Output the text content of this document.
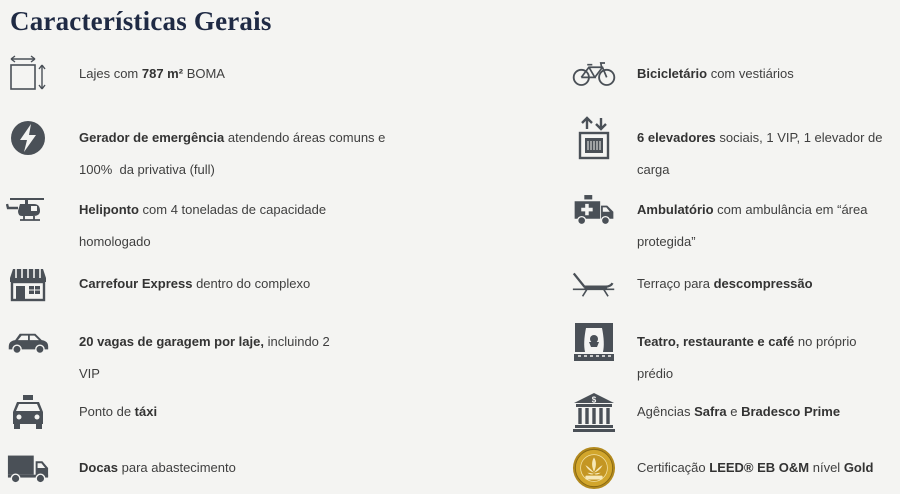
Características Gerais
Lajes com 787 m² BOMA
Gerador de emergência atendendo áreas comuns e
100%  da privativa (full)
Heliponto com 4 toneladas de capacidade
homologado
Carrefour Express dentro do complexo
20 vagas de garagem por laje, incluindo 2
VIP
Ponto de táxi
Docas para abastecimento
Bicicletário com vestiários
6 elevadores sociais, 1 VIP, 1 elevador de
carga
Ambulatório com ambulância em “área
protegida”
Terraço para descompressão
Teatro, restaurante e café no próprio
prédio
$
Agências Safra e Bradesco Prime
Certificação LEED® EB O&M nível Gold
